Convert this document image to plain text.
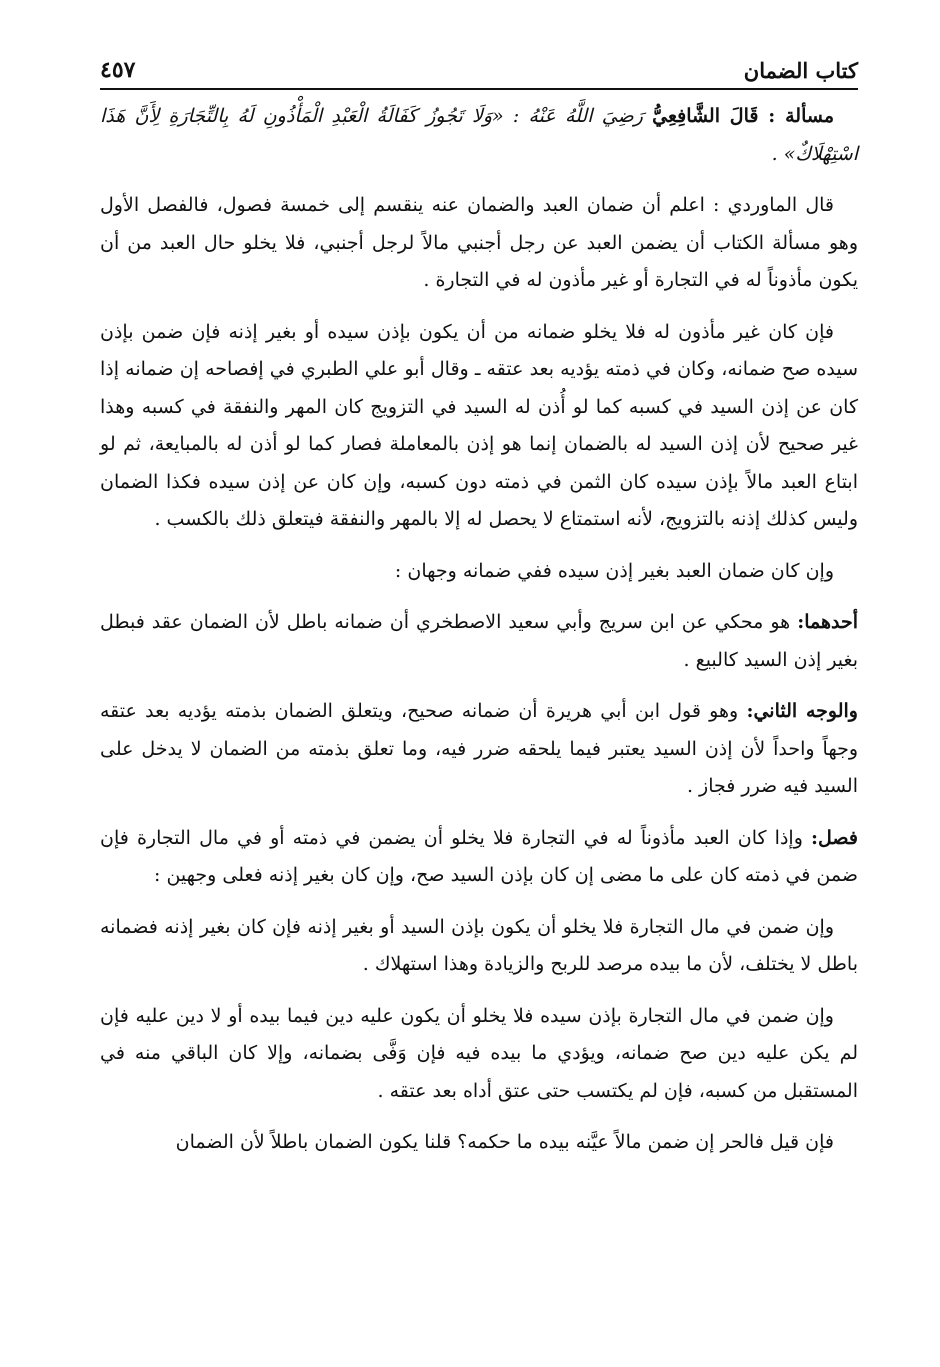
كتاب الضمان
٤٥٧

مسألة : قَالَ الشَّافِعِيُّ رَضِيَ اللَّهُ عَنْهُ : «وَلَا تَجُوزُ كَفَالَةُ الْعَبْدِ الْمَأْذُونِ لَهُ بِالتِّجَارَةِ لِأَنَّ هَذَا اسْتِهْلَاكٌ» .

قال الماوردي : اعلم أن ضمان العبد والضمان عنه ينقسم إلى خمسة فصول، فالفصل الأول وهو مسألة الكتاب أن يضمن العبد عن رجل أجنبي مالاً لرجل أجنبي، فلا يخلو حال العبد من أن يكون مأذوناً له في التجارة أو غير مأذون له في التجارة .

فإن كان غير مأذون له فلا يخلو ضمانه من أن يكون بإذن سيده أو بغير إذنه فإن ضمن بإذن سيده صح ضمانه، وكان في ذمته يؤديه بعد عتقه ـ وقال أبو علي الطبري في إفصاحه إن ضمانه إذا كان عن إذن السيد في كسبه كما لو أُذن له السيد في التزويج كان المهر والنفقة في كسبه وهذا غير صحيح لأن إذن السيد له بالضمان إنما هو إذن بالمعاملة فصار كما لو أذن له بالمبايعة، ثم لو ابتاع العبد مالاً بإذن سيده كان الثمن في ذمته دون كسبه، وإن كان عن إذن سيده فكذا الضمان وليس كذلك إذنه بالتزويج، لأنه استمتاع لا يحصل له إلا بالمهر والنفقة فيتعلق ذلك بالكسب .

وإن كان ضمان العبد بغير إذن سيده ففي ضمانه وجهان :

أحدهما: هو محكي عن ابن سريج وأبي سعيد الاصطخري أن ضمانه باطل لأن الضمان عقد فبطل بغير إذن السيد كالبيع .

والوجه الثاني: وهو قول ابن أبي هريرة أن ضمانه صحيح، ويتعلق الضمان بذمته يؤديه بعد عتقه وجهاً واحداً لأن إذن السيد يعتبر فيما يلحقه ضرر فيه، وما تعلق بذمته من الضمان لا يدخل على السيد فيه ضرر فجاز .

فصل: وإذا كان العبد مأذوناً له في التجارة فلا يخلو أن يضمن في ذمته أو في مال التجارة فإن ضمن في ذمته كان على ما مضى إن كان بإذن السيد صح، وإن كان بغير إذنه فعلى وجهين :

وإن ضمن في مال التجارة فلا يخلو أن يكون بإذن السيد أو بغير إذنه فإن كان بغير إذنه فضمانه باطل لا يختلف، لأن ما بيده مرصد للربح والزيادة وهذا استهلاك .

وإن ضمن في مال التجارة بإذن سيده فلا يخلو أن يكون عليه دين فيما بيده أو لا دين عليه فإن لم يكن عليه دين صح ضمانه، ويؤدي ما بيده فيه فإن وَفَّى بضمانه، وإلا كان الباقي منه في المستقبل من كسبه، فإن لم يكتسب حتى عتق أداه بعد عتقه .

فإن قيل فالحر إن ضمن مالاً عيَّنه بيده ما حكمه؟ قلنا يكون الضمان باطلاً لأن الضمان
